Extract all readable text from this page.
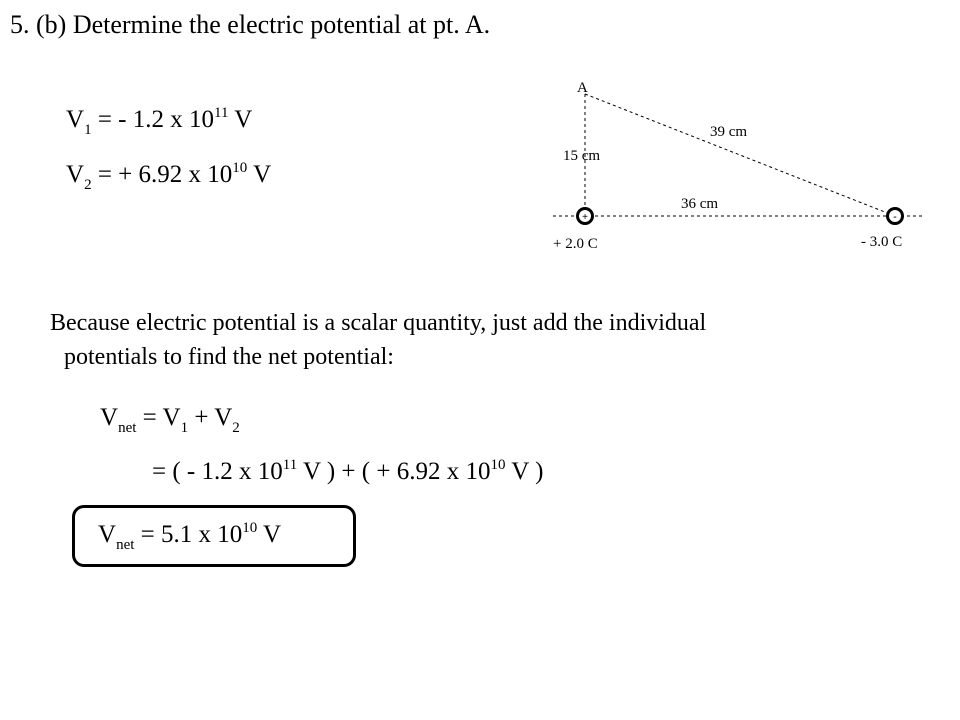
5. (b) Determine the electric potential at pt. A.
$V_1$ = - 1.2 x $10^{11}$ V
$V_2$ = + 6.92 x $10^{10}$ V
+	-
A
15 cm
39 cm
36 cm
+ 2.0 C	- 3.0 C
Because electric potential is a scalar quantity, just add the individual
potentials to find the net potential:
$V_{net} = V_1 + V_2$
= ( - 1.2 x $10^{11}$ V ) + ( + 6.92 x $10^{10}$ V )
$V_{net} = 5.1$ x $10^{10}$ V
